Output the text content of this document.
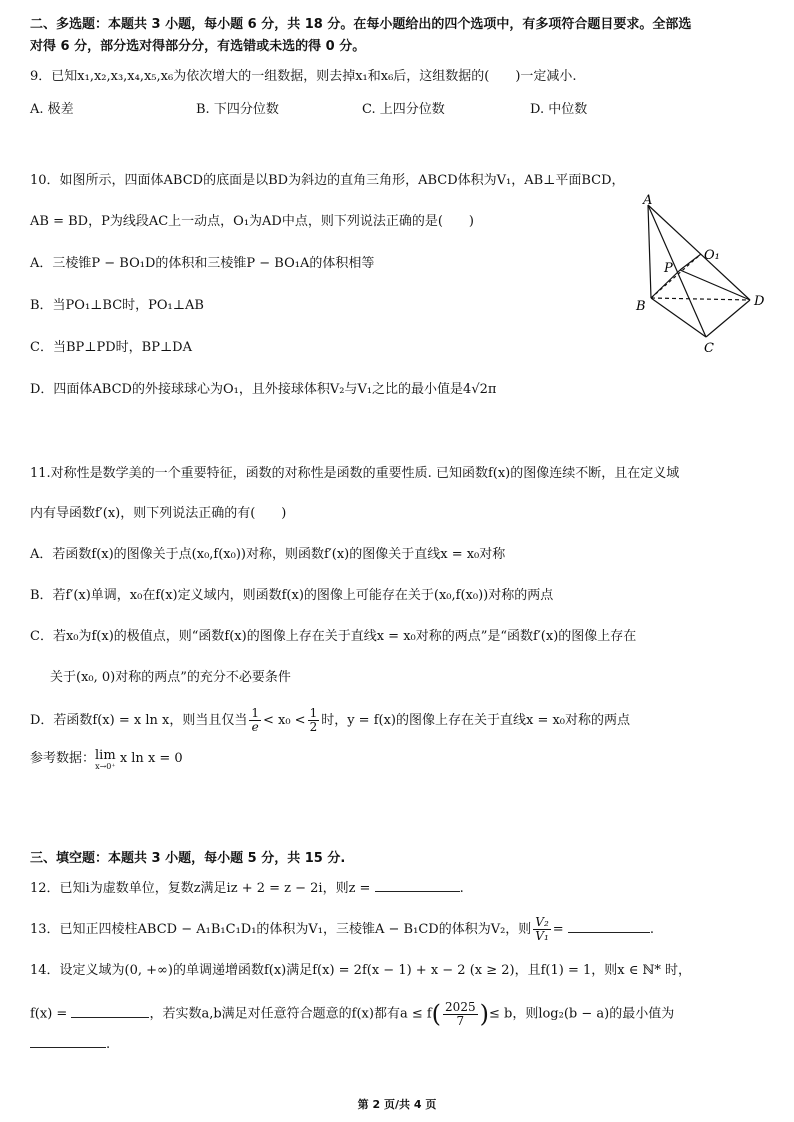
二、多选题：本题共 3 小题，每小题 6 分，共 18 分。在每小题给出的四个选项中，有多项符合题目要求。全部选
对得 6 分，部分选对得部分分，有选错或未选的得 0 分。
9．已知x₁,x₂,x₃,x₄,x₅,x₆为依次增大的一组数据，则去掉x₁和x₆后，这组数据的(　　)一定减小.
A. 极差	B. 下四分位数	C. 上四分位数	D. 中位数
10．如图所示，四面体ABCD的底面是以BD为斜边的直角三角形，ABCD体积为V₁，AB⊥平面BCD，
AB = BD，P为线段AC上一动点，O₁为AD中点，则下列说法正确的是(　　)
A．三棱锥P − BO₁D的体积和三棱锥P − BO₁A的体积相等
B．当PO₁⊥BC时，PO₁⊥AB
C．当BP⊥PD时，BP⊥DA
D．四面体ABCD的外接球球心为O₁，且外接球体积V₂与V₁之比的最小值是4√2π
A
O₁
P
B	D
C
11.对称性是数学美的一个重要特征，函数的对称性是函数的重要性质. 已知函数f(x)的图像连续不断，且在定义域
内有导函数f′(x)，则下列说法正确的有(　　)
A．若函数f(x)的图像关于点(x₀,f(x₀))对称，则函数f′(x)的图像关于直线x = x₀对称
B．若f′(x)单调，x₀在f(x)定义域内，则函数f(x)的图像上可能存在关于(x₀,f(x₀))对称的两点
C．若x₀为f(x)的极值点，则“函数f(x)的图像上存在关于直线x = x₀对称的两点”是“函数f′(x)的图像上存在
关于(x₀, 0)对称的两点”的充分不必要条件
D．若函数f(x) = x ln x，则当且仅当 $\frac{1}{e} < x_0 < \frac{1}{2}$ 时，y = f(x)的图像上存在关于直线x = x₀对称的两点
参考数据：lim
x→0⁺
x ln x = 0
三、填空题：本题共 3 小题，每小题 5 分，共 15 分.
12．已知i为虚数单位，复数z满足iz + 2 = z − 2i，则z =	.
13．已知正四棱柱ABCD − A₁B₁C₁D₁的体积为V₁，三棱锥A − B₁CD的体积为V₂，则 $\frac{\text{V₂}}{\text{V₁}}$ =	.
14．设定义域为(0, +∞)的单调递增函数f(x)满足f(x) = 2f(x − 1) + x − 2 (x ≥ 2)，且f(1) = 1，则x ∈ ℕ* 时，
f(x) =	，若实数a,b满足对任意符合题意的f(x)都有$a \le f( \frac{2025}{7}$ )≤ b，则log₂(b − a)的最小值为
.
第 2 页/共 4 页
